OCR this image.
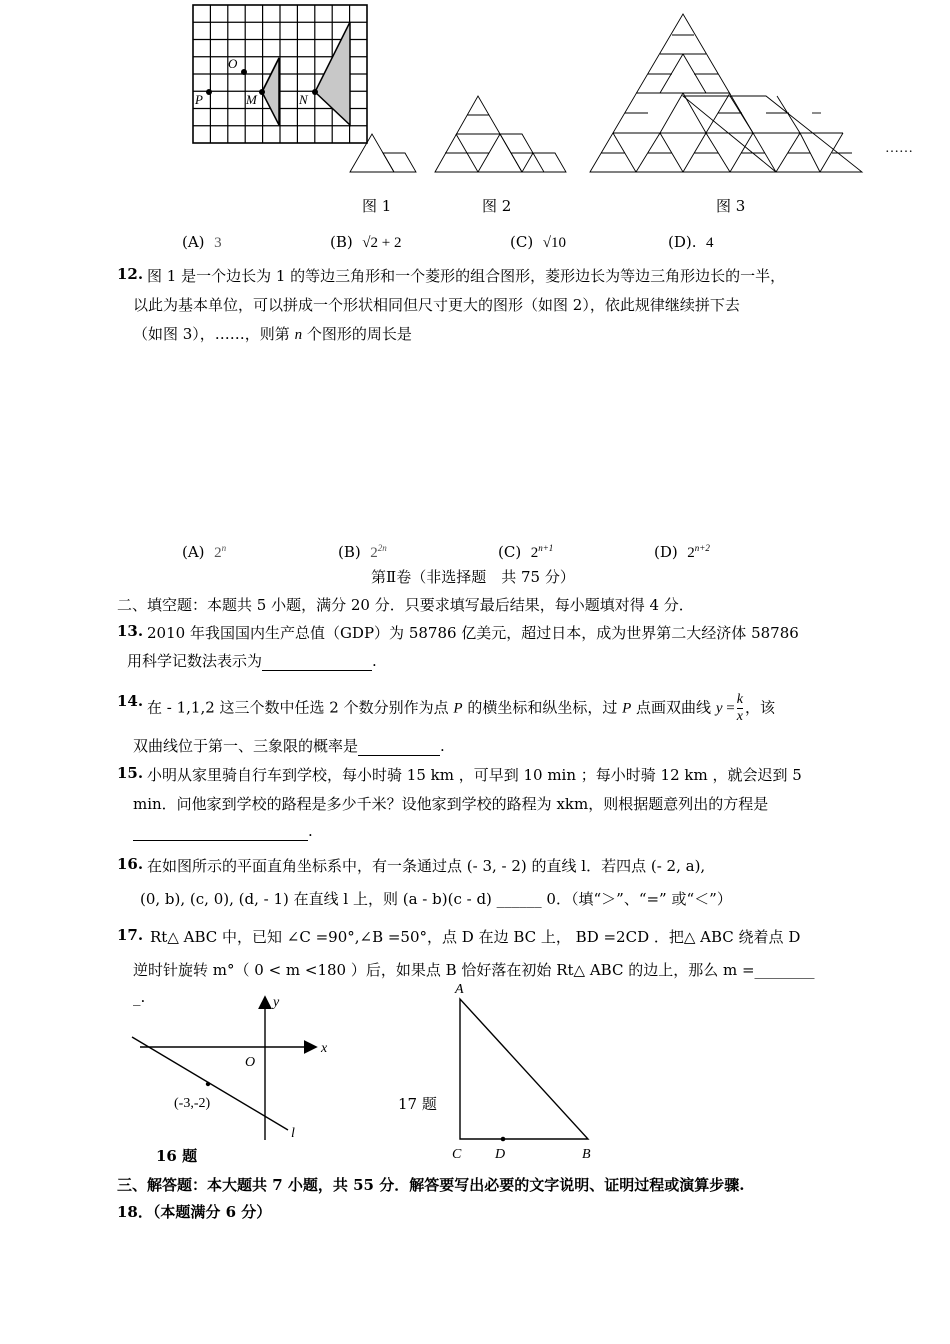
O
P	M	N
……
图 1	图 2	图 3
(A) 3	(B) √2 + 2	(C) √10	(D). 4
12. 图 1 是一个边长为 1 的等边三角形和一个菱形的组合图形，菱形边长为等边三角形边长的一半，
以此为基本单位，可以拼成一个形状相同但尺寸更大的图形（如图 2），依此规律继续拼下去
（如图 3），……，则第 n 个图形的周长是
(A) 2$^n$	(B) $2^{2n}$	(C) $2^{n+1}$	(D) $2^{n+2}$
第Ⅱ卷（非选择题　共 75 分）
二、填空题：本题共 5 小题，满分 20 分．只要求填写最后结果，每小题填对得 4 分．
13. 2010 年我国国内生产总值（GDP）为 58786 亿美元，超过日本，成为世界第二大经济体 58786
用科学记数法表示为	.
14. 在 - 1,1,2 这三个数中任选 2 个数分别作为点 P 的横坐标和纵坐标，过 P 点画双曲线 $y = \frac{k}{x}$ ，该
双曲线位于第一、三象限的概率是	.
15. 小明从家里骑自行车到学校，每小时骑 15 km ，可早到 10 min ；每小时骑 12 km ，就会迟到 5
min．问他家到学校的路程是多少千米？设他家到学校的路程为 xkm，则根据题意列出的方程是
.
16. 在如图所示的平面直角坐标系中，有一条通过点 (- 3, - 2) 的直线 l．若四点 (- 2, a),
(0, b), (c, 0), (d, - 1) 在直线 l 上，则 (a - b)(c - d) ______ 0．（填“＞”、“=” 或“＜”）
17. Rt△ ABC 中，已知 ∠C =90°,∠B =50°，点 D 在边 BC 上， BD =2CD ．把△ ABC 绕着点 D
逆时针旋转 m°（ 0 < m <180 ）后，如果点 B 恰好落在初始 Rt△ ABC 的边上，那么 m =________
_.	y
x
O
(-3,-2)
l
16 题
A
C D	B
17 题
三、解答题：本大题共 7 小题，共 55 分．解答要写出必要的文字说明、证明过程或演算步骤.
18．（本题满分 6 分）
